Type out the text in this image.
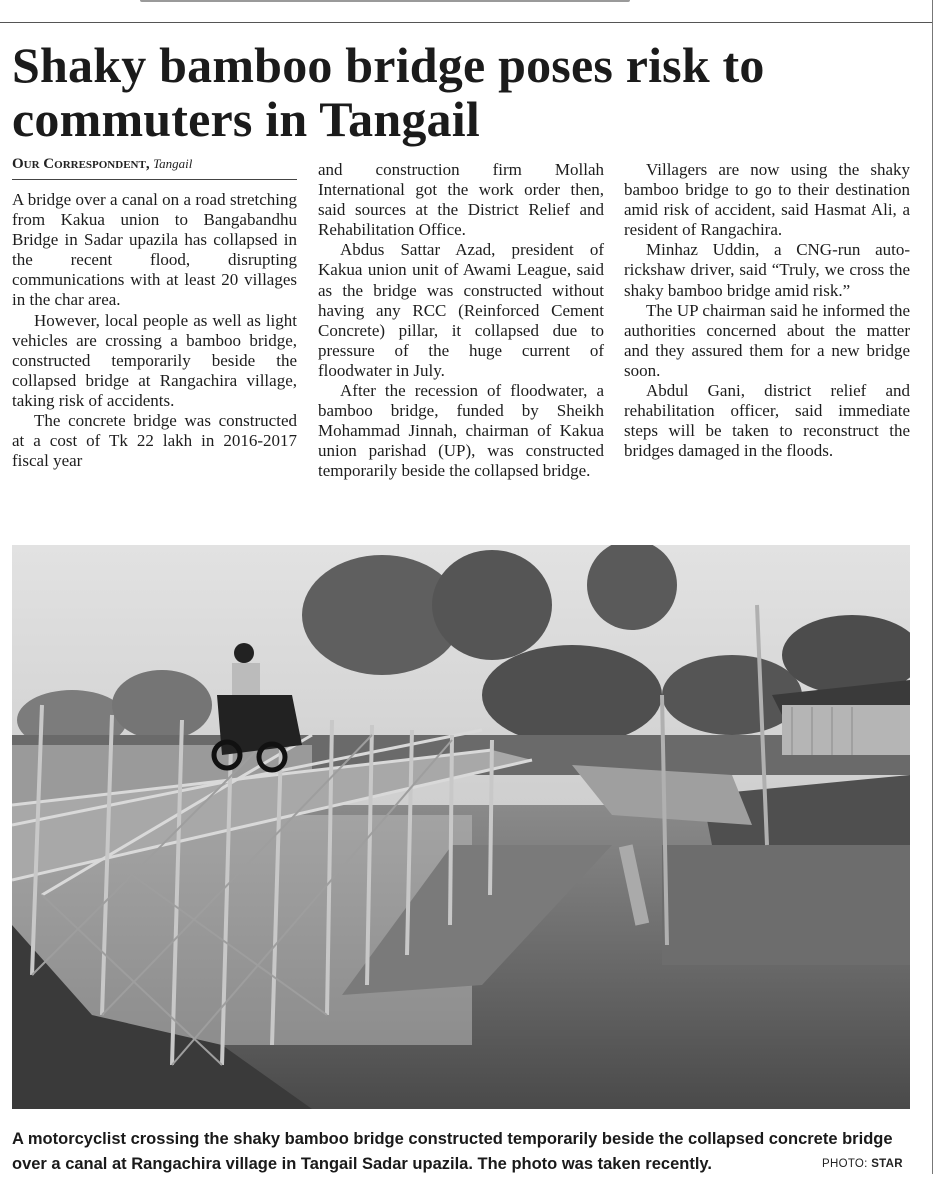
Shaky bamboo bridge poses risk to commuters in Tangail
Our Correspondent, Tangail

A bridge over a canal on a road stretching from Kakua union to Bangabandhu Bridge in Sadar upazila has collapsed in the recent flood, disrupting communications with at least 20 villages in the char area.

However, local people as well as light vehicles are crossing a bamboo bridge, constructed temporarily beside the collapsed bridge at Rangachira village, taking risk of accidents.

The concrete bridge was constructed at a cost of Tk 22 lakh in 2016-2017 fiscal year

and construction firm Mollah International got the work order then, said sources at the District Relief and Rehabilitation Office.

Abdus Sattar Azad, president of Kakua union unit of Awami League, said as the bridge was constructed without having any RCC (Reinforced Cement Concrete) pillar, it collapsed due to pressure of the huge current of floodwater in July.

After the recession of floodwater, a bamboo bridge, funded by Sheikh Mohammad Jinnah, chairman of Kakua union parishad (UP), was constructed temporarily beside the collapsed bridge.

Villagers are now using the shaky bamboo bridge to go to their destination amid risk of accident, said Hasmat Ali, a resident of Rangachira.

Minhaz Uddin, a CNG-run auto-rickshaw driver, said “Truly, we cross the shaky bamboo bridge amid risk.”

The UP chairman said he informed the authorities concerned about the matter and they assured them for a new bridge soon.

Abdul Gani, district relief and rehabilitation officer, said immediate steps will be taken to reconstruct the bridges damaged in the floods.

A motorcyclist crossing the shaky bamboo bridge constructed temporarily beside the collapsed concrete bridge over a canal at Rangachira village in Tangail Sadar upazila. The photo was taken recently.	PHOTO: STAR
